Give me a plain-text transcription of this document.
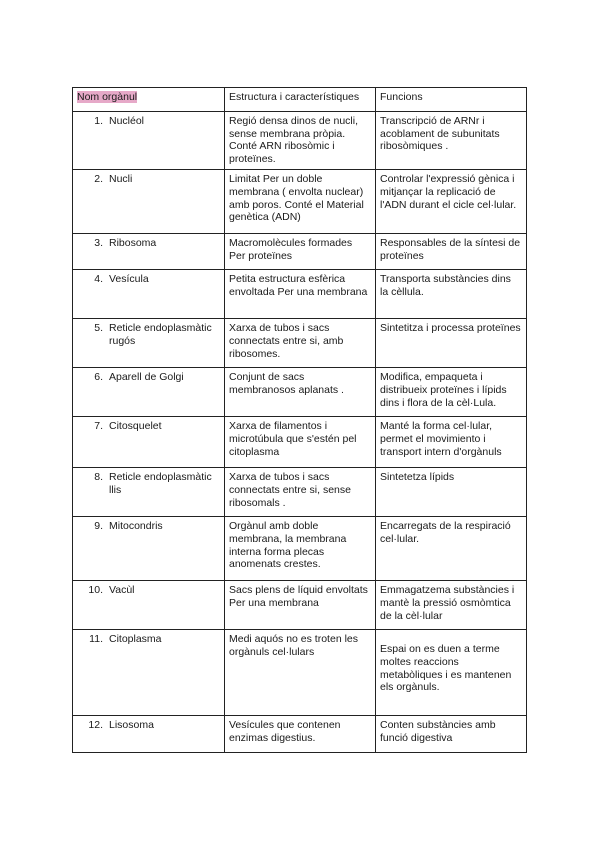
Nom orgànul	Estructura i característiques	Funcions

1. Nucléol	Regió densa dinos de nucli, sense membrana pròpia. Conté ARN ribosòmic i proteïnes.	Transcripció de ARNr i acoblament de subunitats ribosòmiques .

2. Nucli	Limitat Per un doble membrana ( envolta nuclear) amb poros. Conté el Material genètica (ADN)	Controlar l'expressió gènica i mitjançar la replicació de l'ADN durant el cicle cel·lular.

3. Ribosoma	Macromolècules formades Per proteïnes	Responsables de la síntesi de proteïnes

4. Vesícula	Petita estructura esfèrica envoltada Per una membrana	Transporta substàncies dins la cèllula.

5. Reticle endoplasmàtic rugós	Xarxa de tubos i sacs connectats entre si, amb ribosomes.	Sintetitza i processa proteïnes

6. Aparell de Golgi	Conjunt de sacs membranosos aplanats .	Modifica, empaqueta i distribueix proteïnes i lípids dins i flora de la cèl·Lula.

7. Citosquelet	Xarxa de filamentos i microtúbula que s'estén pel citoplasma	Manté la forma cel·lular, permet el movimiento i transport intern d'orgànuls

8. Reticle endoplasmàtic llis	Xarxa de tubos i sacs connectats entre si, sense ribosomals .	Sintetetza lípids

9. Mitocondris	Orgànul amb doble membrana, la membrana interna forma plecas anomenats crestes.	Encarregats de la respiració cel·lular.

10. Vacùl	Sacs plens de líquid envoltats Per una membrana	Emmagatzema substàncies i mantè la pressió osmòmtica de la cèl·lular

11. Citoplasma	Medi aquós no es troten les orgànuls cel·lulars	Espai on es duen a terme moltes reaccions metabòliques i es mantenen els orgànuls.

12. Lisosoma	Vesícules que contenen enzimas digestius.	Conten substàncies amb funció digestiva
